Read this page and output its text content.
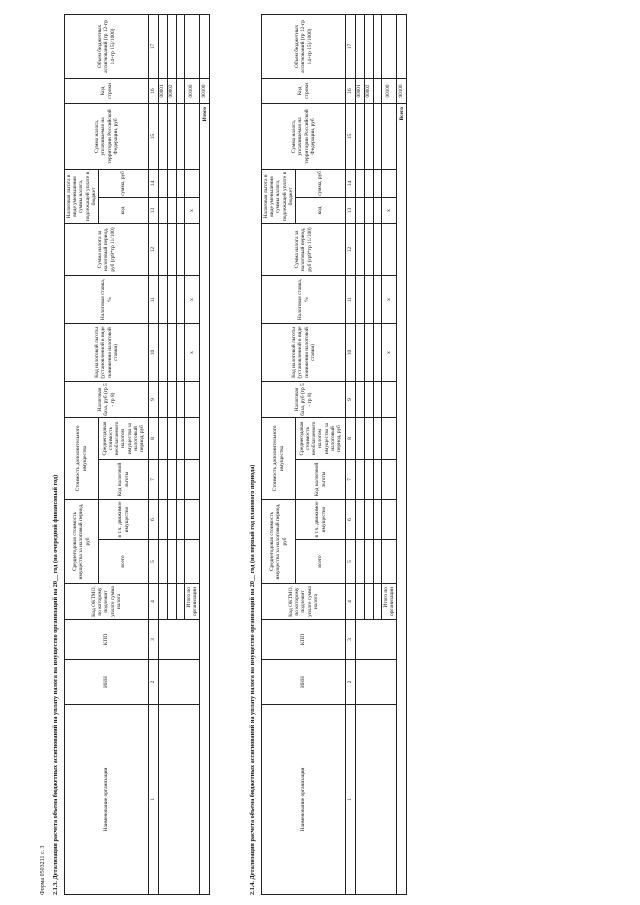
Форма 0503211 с. 3 2.1.3. Детализация расчета объема бюджетных ассигнований на уплату налога на имущество организаций на 20__ год (на очередной финансовый год)	Наименование организации	ИНН	КПП	Код ОКТМО, по которому подлежит уплате сумма налога	Среднегодовая стоимость имущества за налоговый период, руб		Стоимость дополнительного имущества		Налоговая база, руб (гр 5 - гр 8)	Код налоговой льготы (установленной в виде понижения налоговой ставки)	Налоговая ставка, %	Сумма налога за налоговый период, руб (гр9*гр 11/100)	Налоговая льгота в виде уменьшения суммы налога, подлежащей уплате в бюджет		Сумма налога, уплачиваемая на территории Российской Федерации, руб	Код строки	Объем бюджетных ассигнований (гр 12-гр 14+гр 15)/1000)
				всего	в т.ч. движимое имущество	Код налоговой льготы	Среднегодовая стоимость необлагаемого налогом имущества за налоговый период, руб					код	сумма, руб			
1	2	3	4	5	6	7	8	9	10	11	12	13	14	15	16	17
															00001	
															00002	

			Итого по организации						x	x		x			00100	
Итого															90100	
2.1.4. Детализация расчета объема бюджетных ассигнований на уплату налога на имущество организаций на 20__ год (на первый год планового периода)	Наименование организации	ИНН	КПП	Код ОКТМО, по которому подлежит уплате сумма налога	Среднегодовая стоимость имущества за налоговый период, руб		Стоимость дополнительного имущества		Налоговая база, руб (гр 5 - гр 8)	Код налоговой льготы (установленной в виде понижения налоговой ставки)	Налоговая ставка, %	Сумма налога за налоговый период, руб (гр9*гр 11/100)	Налоговая льгота в виде уменьшения суммы налога, подлежащей уплате в бюджет		Сумма налога, уплачиваемая на территории Российской Федерации, руб	Код строки	Объем бюджетных ассигнований (гр 12-гр 14+гр 15)/1000)
				всего	в т.ч. движимое имущество	Код налоговой льготы	Среднегодовая стоимость необлагаемого налогом имущества за налоговый период, руб					код	сумма, руб			
1	2	3	4	5	6	7	8	9	10	11	12	13	14	15	16	17
															00001	
															00002	

			Итого по организации						x	x		x			00100	
Всего															90100	
